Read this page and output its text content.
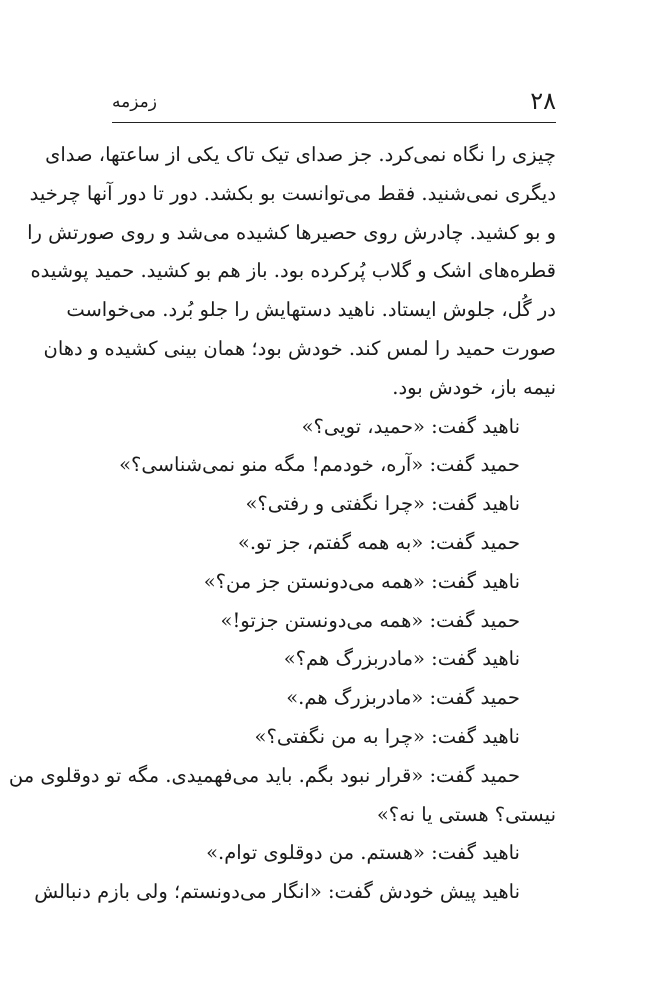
۲۸
زمزمه
چیزی را نگاه نمی‌کرد. جز صدای تیک تاک یکی از ساعتها، صدای
دیگری نمی‌شنید. فقط می‌توانست بو بکشد. دور تا دور آنها چرخید
و بو کشید. چادرش روی حصیرها کشیده می‌شد و روی صورتش را
قطره‌های اشک و گلاب پُرکرده بود. باز هم بو کشید. حمید پوشیده
در گُل، جلوش ایستاد. ناهید دستهایش را جلو بُرد. می‌خواست
صورت حمید را لمس کند. خودش بود؛ همان بینی کشیده و دهان
نیمه باز، خودش بود.
ناهید گفت: «حمید، تویی؟»
حمید گفت: «آره، خودمم! مگه منو نمی‌شناسی؟»
ناهید گفت: «چرا نگفتی و رفتی؟»
حمید گفت: «به همه گفتم، جز تو.»
ناهید گفت: «همه می‌دونستن جز من؟»
حمید گفت: «همه می‌دونستن جزتو!»
ناهید گفت: «مادربزرگ هم؟»
حمید گفت: «مادربزرگ هم.»
ناهید گفت: «چرا به من نگفتی؟»
حمید گفت: «قرار نبود بگم. باید می‌فهمیدی. مگه تو دوقلوی من
نیستی؟ هستی یا نه؟»
ناهید گفت: «هستم. من دوقلوی توام.»
ناهید پیش خودش گفت: «انگار می‌دونستم؛ ولی بازم دنبالش
